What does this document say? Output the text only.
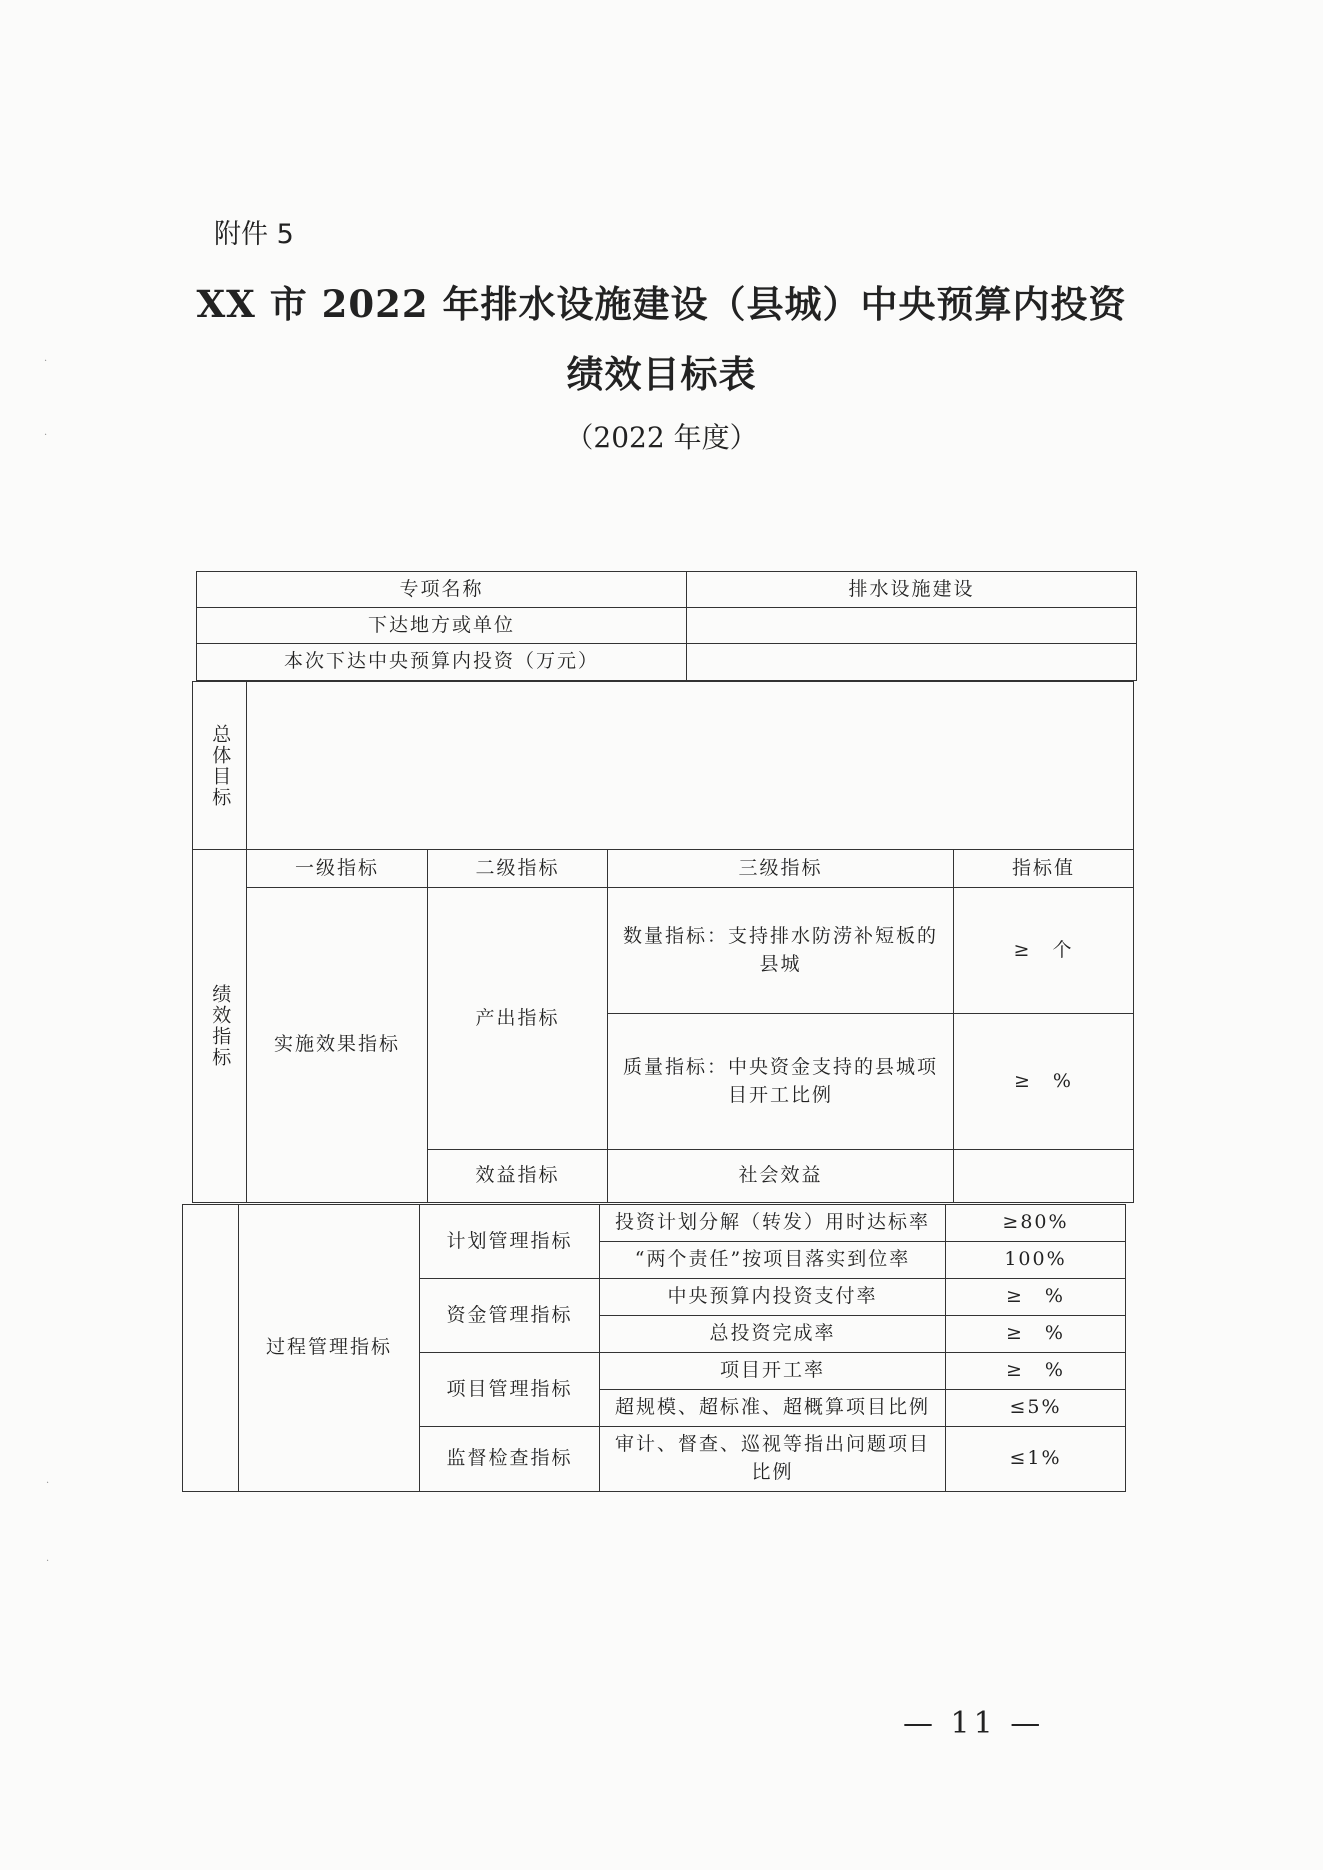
附件 5
XX 市 2022 年排水设施建设（县城）中央预算内投资
绩效目标表
（2022 年度）
·
·
·
·
专项名称	排水设施建设
下达地方或单位	
本次下达中央预算内投资（万元）	
总体目标				
绩效指标	一级指标	二级指标	三级指标	指标值
	实施效果指标	产出指标	数量指标：支持排水防涝补短板的县城	≥　个
			质量指标：中央资金支持的县城项目开工比例	≥　%
		效益指标	社会效益	
	过程管理指标	计划管理指标	投资计划分解（转发）用时达标率	≥80%
			“两个责任”按项目落实到位率	100%
		资金管理指标	中央预算内投资支付率	≥　%
			总投资完成率	≥　%
		项目管理指标	项目开工率	≥　%
			超规模、超标准、超概算项目比例	≤5%
		监督检查指标	审计、督查、巡视等指出问题项目比例	≤1%

— 11 —
